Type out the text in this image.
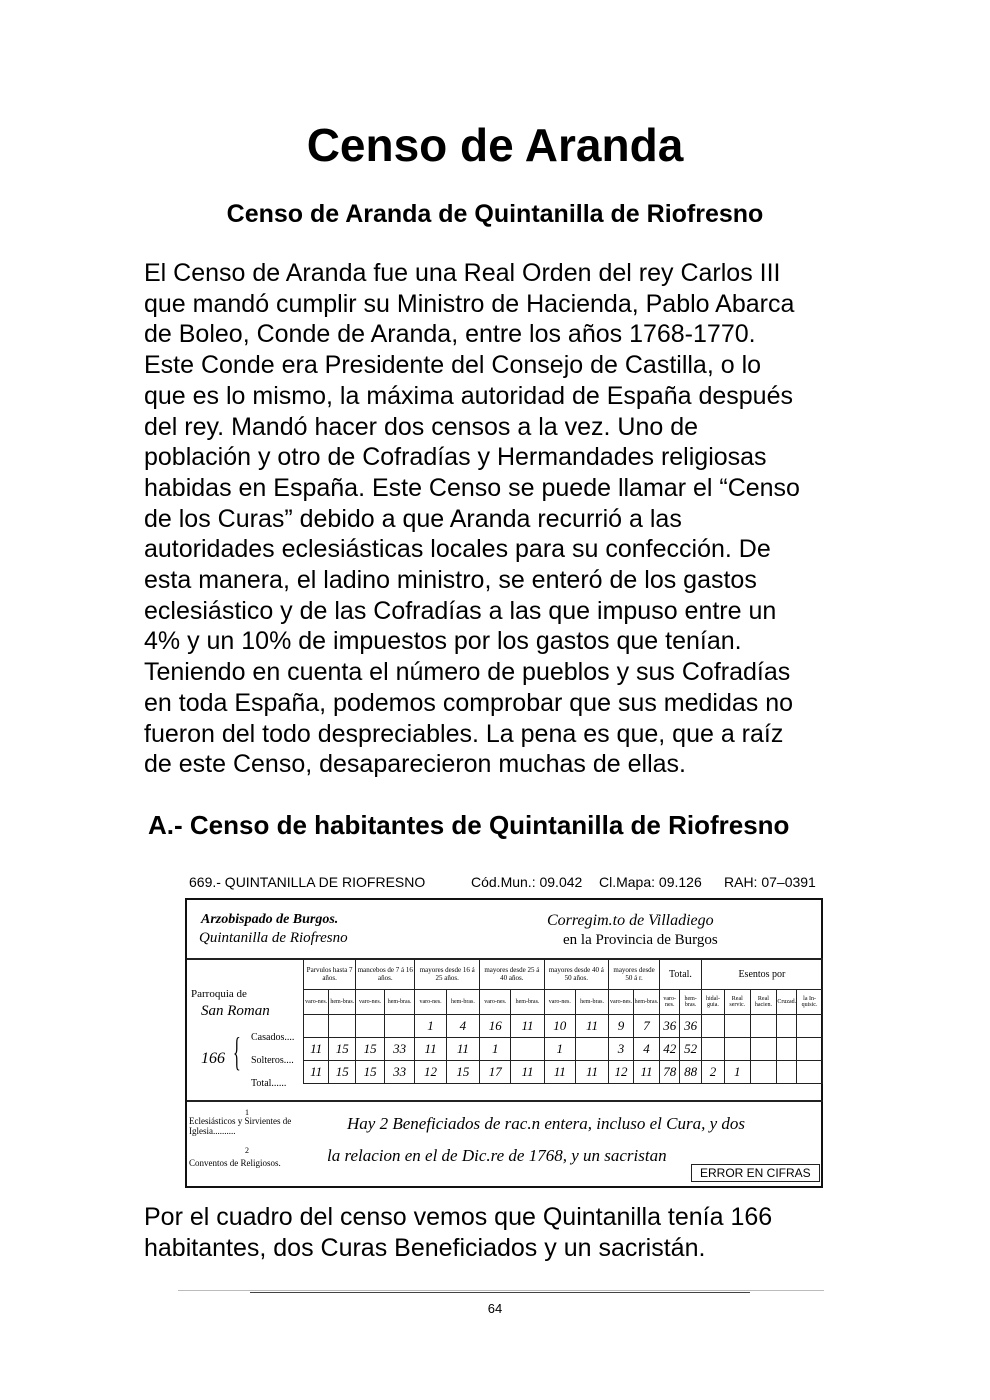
Censo de Aranda
Censo de Aranda de Quintanilla de Riofresno
El Censo de Aranda fue una Real Orden del rey Carlos III
que mandó cumplir su Ministro de Hacienda, Pablo Abarca
de Boleo, Conde de Aranda, entre los años 1768-1770.
Este Conde era Presidente del Consejo de Castilla, o lo
que es lo mismo, la máxima autoridad de España después
del rey. Mandó hacer dos censos a la vez. Uno de
población y otro de Cofradías y Hermandades religiosas
habidas en España. Este Censo se puede llamar el “Censo
de los Curas” debido a que Aranda recurrió a las
autoridades eclesiásticas locales para su confección. De
esta manera, el ladino ministro, se enteró de los gastos
eclesiástico y de las Cofradías a las que impuso entre un
4% y un 10% de impuestos por los gastos que tenían.
Teniendo en cuenta el número de pueblos y sus Cofradías
en toda España, podemos comprobar que sus medidas no
fueron del todo despreciables. La pena es que, que a raíz
de este Censo, desaparecieron muchas de ellas.
A.- Censo de habitantes de Quintanilla de Riofresno
669.- QUINTANILLA DE RIOFRESNO	Cód.Mun.: 09.042 Cl.Mapa: 09.126 RAH: 07–0391
Arzobispado de Burgos.
Quintanilla de Riofresno
Corregim.to de Villadiego
en la Provincia de Burgos
Parroquia de
San Roman
Parvulos hasta 7 años.		mancebos de 7 á 16 años.		mayores desde 16 á 25 años.		mayores desde 25 á 40 años.		mayores desde 40 á 50 años.		mayores desde 50 á r.		Total.		Esentos por				
varo-nes.	hem-bras.	varo-nes.	hem-bras.	varo-nes.	hem-bras.	varo-nes.	hem-bras.	varo-nes.	hem-bras.	varo-nes.	hem-bras.	varo-nes.	hem-bras.	hidal-guia.	Real servic.	Real hacien.	Cruzad.	la In-quisic.
				1	4	16	11	10	11	9	7	36	36					
11	15	15	33	11	11	1		1		3	4	42	52					
11	15	15	33	12	15	17	11	11	11	12	11	78	88	2	1			
166 { Casados....
Solteros....
Total......
1
Eclesiásticos y Sirvientes de Iglesia..........	Hay 2 Beneficiados de rac.n entera, incluso el Cura, y dos
2
Conventos de Religiosos.	la relacion en el de Dic.re de 1768, y un sacristan
ERROR EN CIFRAS
Por el cuadro del censo vemos que Quintanilla tenía 166
habitantes, dos Curas Beneficiados y un sacristán.
64
